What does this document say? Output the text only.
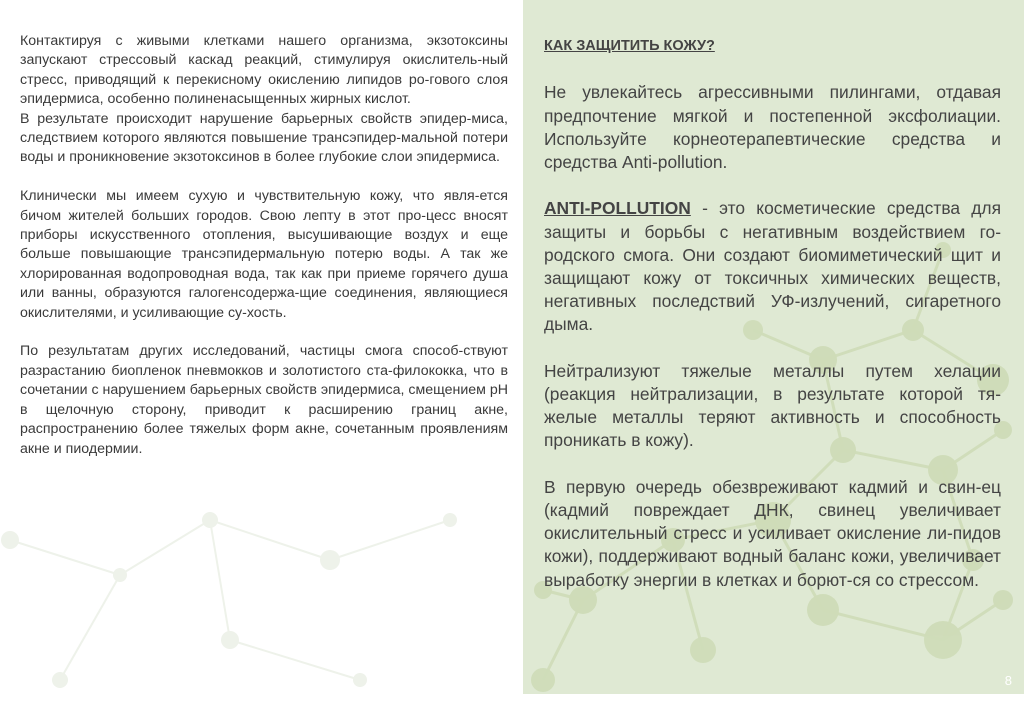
Контактируя с живыми клетками нашего организма, экзотоксины запускают стрессовый каскад реакций, стимулируя окислитель-ный стресс, приводящий к перекисному окислению липидов ро-гового слоя эпидермиса, особенно полиненасыщенных жирных кислот.

В результате происходит нарушение барьерных свойств эпидер-миса, следствием которого являются повышение трансэпидер-мальной потери воды и проникновение экзотоксинов в более глубокие слои эпидермиса.

Клинически мы имеем сухую и чувствительную кожу, что явля-ется бичом жителей больших городов. Свою лепту в этот про-цесс вносят приборы искусственного отопления, высушивающие воздух и еще больше повышающие трансэпидермальную потерю воды. А так же хлорированная водопроводная вода, так как при приеме горячего душа или ванны, образуются галогенсодержа-щие соединения, являющиеся окислителями, и усиливающие су-хость.

По результатам других исследований, частицы смога способ-ствуют разрастанию биопленок пневмокков и золотистого ста-филококка, что в сочетании с нарушением барьерных свойств эпидермиса, смещением pH в щелочную сторону, приводит к расширению границ акне, распространению более тяжелых форм акне, сочетанным проявлениям акне и пиодермии.

КАК ЗАЩИТИТЬ КОЖУ?

Не увлекайтесь агрессивными пилингами, отдавая предпочтение мягкой и постепенной эксфолиации. Используйте корнеотерапевтические средства и средства Anti-pollution.

ANTI-POLLUTION - это косметические средства для защиты и борьбы с негативным воздействием го-родского смога. Они создают биомиметический щит и защищают кожу от токсичных химических веществ, негативных последствий УФ-излучений, сигаретного дыма.

Нейтрализуют тяжелые металлы путем хелации (реакция нейтрализации, в результате которой тя-желые металлы теряют активность и способность проникать в кожу).

В первую очередь обезвреживают кадмий и свин-ец (кадмий повреждает ДНК, свинец увеличивает окислительный стресс и усиливает окисление ли-пидов кожи), поддерживают водный баланс кожи, увеличивает выработку энергии в клетках и борют-ся со стрессом.

8
